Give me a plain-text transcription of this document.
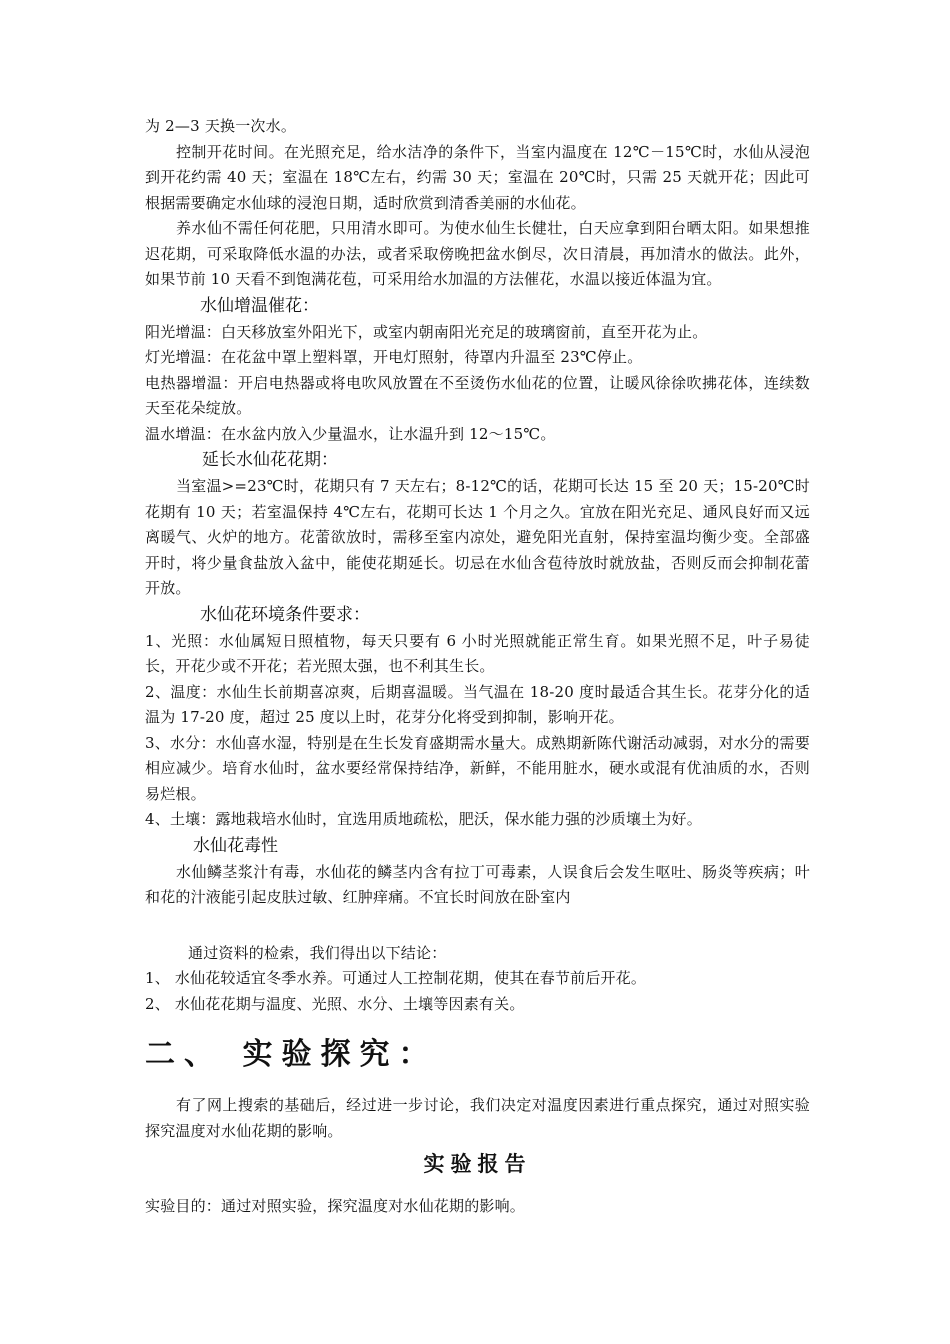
为 2—3 天换一次水。

控制开花时间。在光照充足，给水洁净的条件下，当室内温度在 12℃－15℃时，水仙从浸泡到开花约需 40 天；室温在 18℃左右，约需 30 天；室温在 20℃时，只需 25 天就开花；因此可根据需要确定水仙球的浸泡日期，适时欣赏到清香美丽的水仙花。

养水仙不需任何花肥，只用清水即可。为使水仙生长健壮，白天应拿到阳台晒太阳。如果想推迟花期，可采取降低水温的办法，或者采取傍晚把盆水倒尽，次日清晨，再加清水的做法。此外，如果节前 10 天看不到饱满花苞，可采用给水加温的方法催花，水温以接近体温为宜。

水仙增温催花：

阳光增温：白天移放室外阳光下，或室内朝南阳光充足的玻璃窗前，直至开花为止。

灯光增温：在花盆中罩上塑料罩，开电灯照射，待罩内升温至 23℃停止。

电热器增温：开启电热器或将电吹风放置在不至烫伤水仙花的位置，让暖风徐徐吹拂花体，连续数天至花朵绽放。

温水增温：在水盆内放入少量温水，让水温升到 12～15℃。

延长水仙花花期：

当室温>=23℃时，花期只有 7 天左右；8-12℃的话，花期可长达 15 至 20 天；15-20℃时花期有 10 天；若室温保持 4℃左右，花期可长达 1 个月之久。宜放在阳光充足、通风良好而又远离暖气、火炉的地方。花蕾欲放时，需移至室内凉处，避免阳光直射，保持室温均衡少变。全部盛开时，将少量食盐放入盆中，能使花期延长。切忌在水仙含苞待放时就放盐，否则反而会抑制花蕾开放。

水仙花环境条件要求：

1、光照：水仙属短日照植物，每天只要有 6 小时光照就能正常生育。如果光照不足，叶子易徒长，开花少或不开花；若光照太强，也不利其生长。

2、温度：水仙生长前期喜凉爽，后期喜温暖。当气温在 18-20 度时最适合其生长。花芽分化的适温为 17-20 度，超过 25 度以上时，花芽分化将受到抑制，影响开花。

3、水分：水仙喜水湿，特别是在生长发育盛期需水量大。成熟期新陈代谢活动减弱，对水分的需要相应减少。培育水仙时，盆水要经常保持结净，新鲜，不能用脏水，硬水或混有优油质的水，否则易烂根。

4、土壤：露地栽培水仙时，宜选用质地疏松，肥沃，保水能力强的沙质壤土为好。

水仙花毒性

水仙鳞茎浆汁有毒，水仙花的鳞茎内含有拉丁可毒素，人误食后会发生呕吐、肠炎等疾病；叶和花的汁液能引起皮肤过敏、红肿痒痛。不宜长时间放在卧室内

通过资料的检索，我们得出以下结论：

1、 水仙花较适宜冬季水养。可通过人工控制花期，使其在春节前后开花。

2、 水仙花花期与温度、光照、水分、土壤等因素有关。

二、 实验探究：

有了网上搜索的基础后，经过进一步讨论，我们决定对温度因素进行重点探究，通过对照实验探究温度对水仙花期的影响。

实验报告

实验目的：通过对照实验，探究温度对水仙花期的影响。
